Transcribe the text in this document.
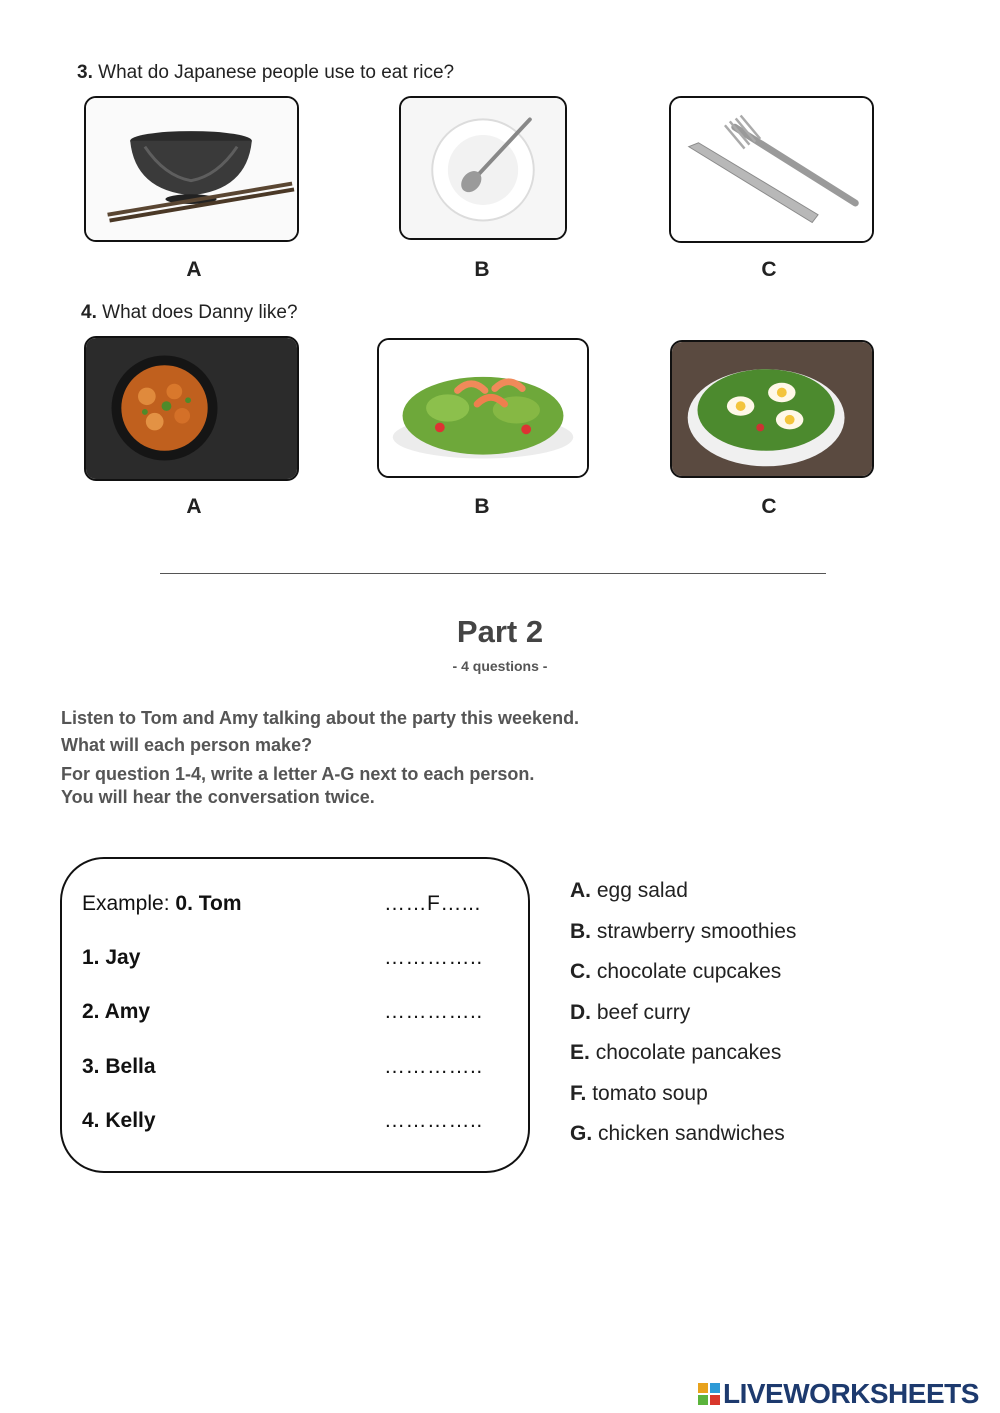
3. What do Japanese people use to eat rice?
A	B	C
4. What does Danny like?
A	B	C
Part 2
- 4 questions -
Listen to Tom and Amy talking about the party this weekend.
What will each person make?
For question 1-4, write a letter A-G next to each person.
You will hear the conversation twice.
Example: 0. Tom	……F…...
1. Jay	…………..
2. Amy	…………..
3. Bella	…………..
4. Kelly	…………..
A. egg salad
B. strawberry smoothies
C. chocolate cupcakes
D. beef curry
E. chocolate pancakes
F. tomato soup
G. chicken sandwiches
LIVEWORKSHEETS
